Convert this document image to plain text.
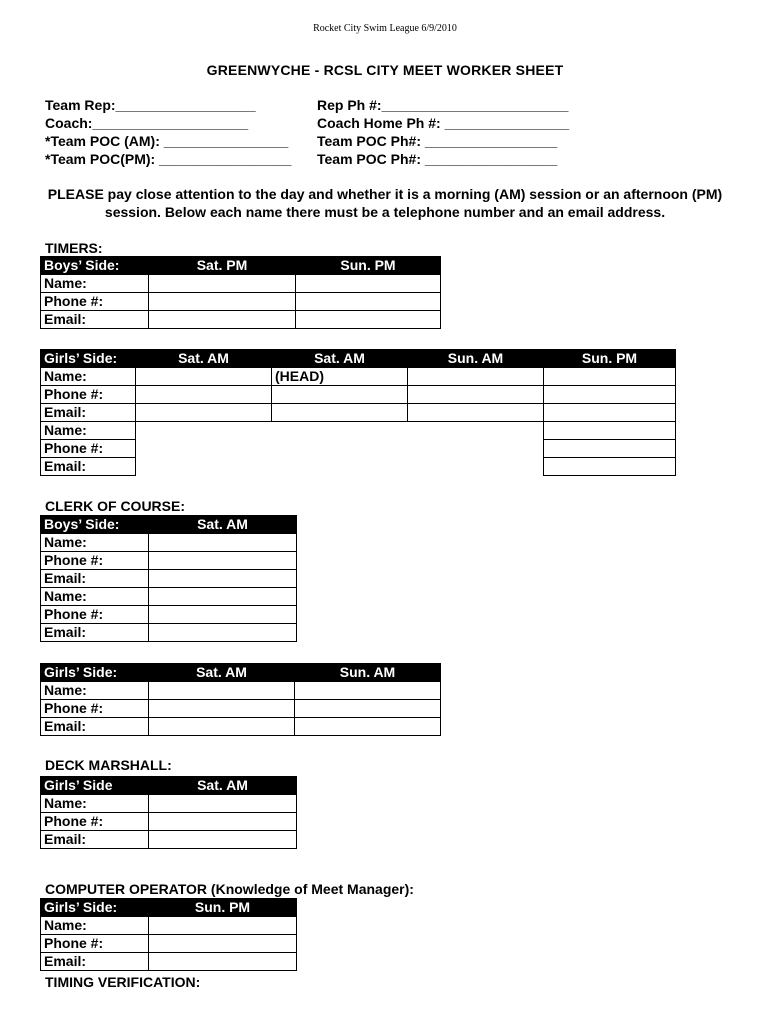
Rocket City Swim League 6/9/2010
GREENWYCHE - RCSL CITY MEET WORKER SHEET
Team Rep:__________________	Rep Ph #:________________________
Coach:____________________	Coach Home Ph #: ________________
*Team POC (AM): ________________ Team POC Ph#: _________________
*Team POC(PM): _________________ Team POC Ph#: _________________
PLEASE pay close attention to the day and whether it is a morning (AM) session or an afternoon (PM) session. Below each name there must be a telephone number and an email address.
TIMERS:
Boys’ Side:	Sat. PM	Sun. PM
Name:		
Phone #:		
Email:		
Girls’ Side:	Sat. AM	Sat. AM	Sun. AM	Sun. PM
Name:		(HEAD)		
Phone #:				
Email:				
Name:				
Phone #:				
Email:				
CLERK OF COURSE:
Boys’ Side:	Sat. AM
Name:	
Phone #:	
Email:	
Name:	
Phone #:	
Email:	
Girls’ Side:	Sat. AM	Sun. AM
Name:		
Phone #:		
Email:		
DECK MARSHALL:
Girls’ Side	Sat. AM
Name:	
Phone #:	
Email:	
COMPUTER OPERATOR (Knowledge of Meet Manager):
Girls’ Side:	Sun. PM
Name:	
Phone #:	
Email:	
TIMING VERIFICATION:
